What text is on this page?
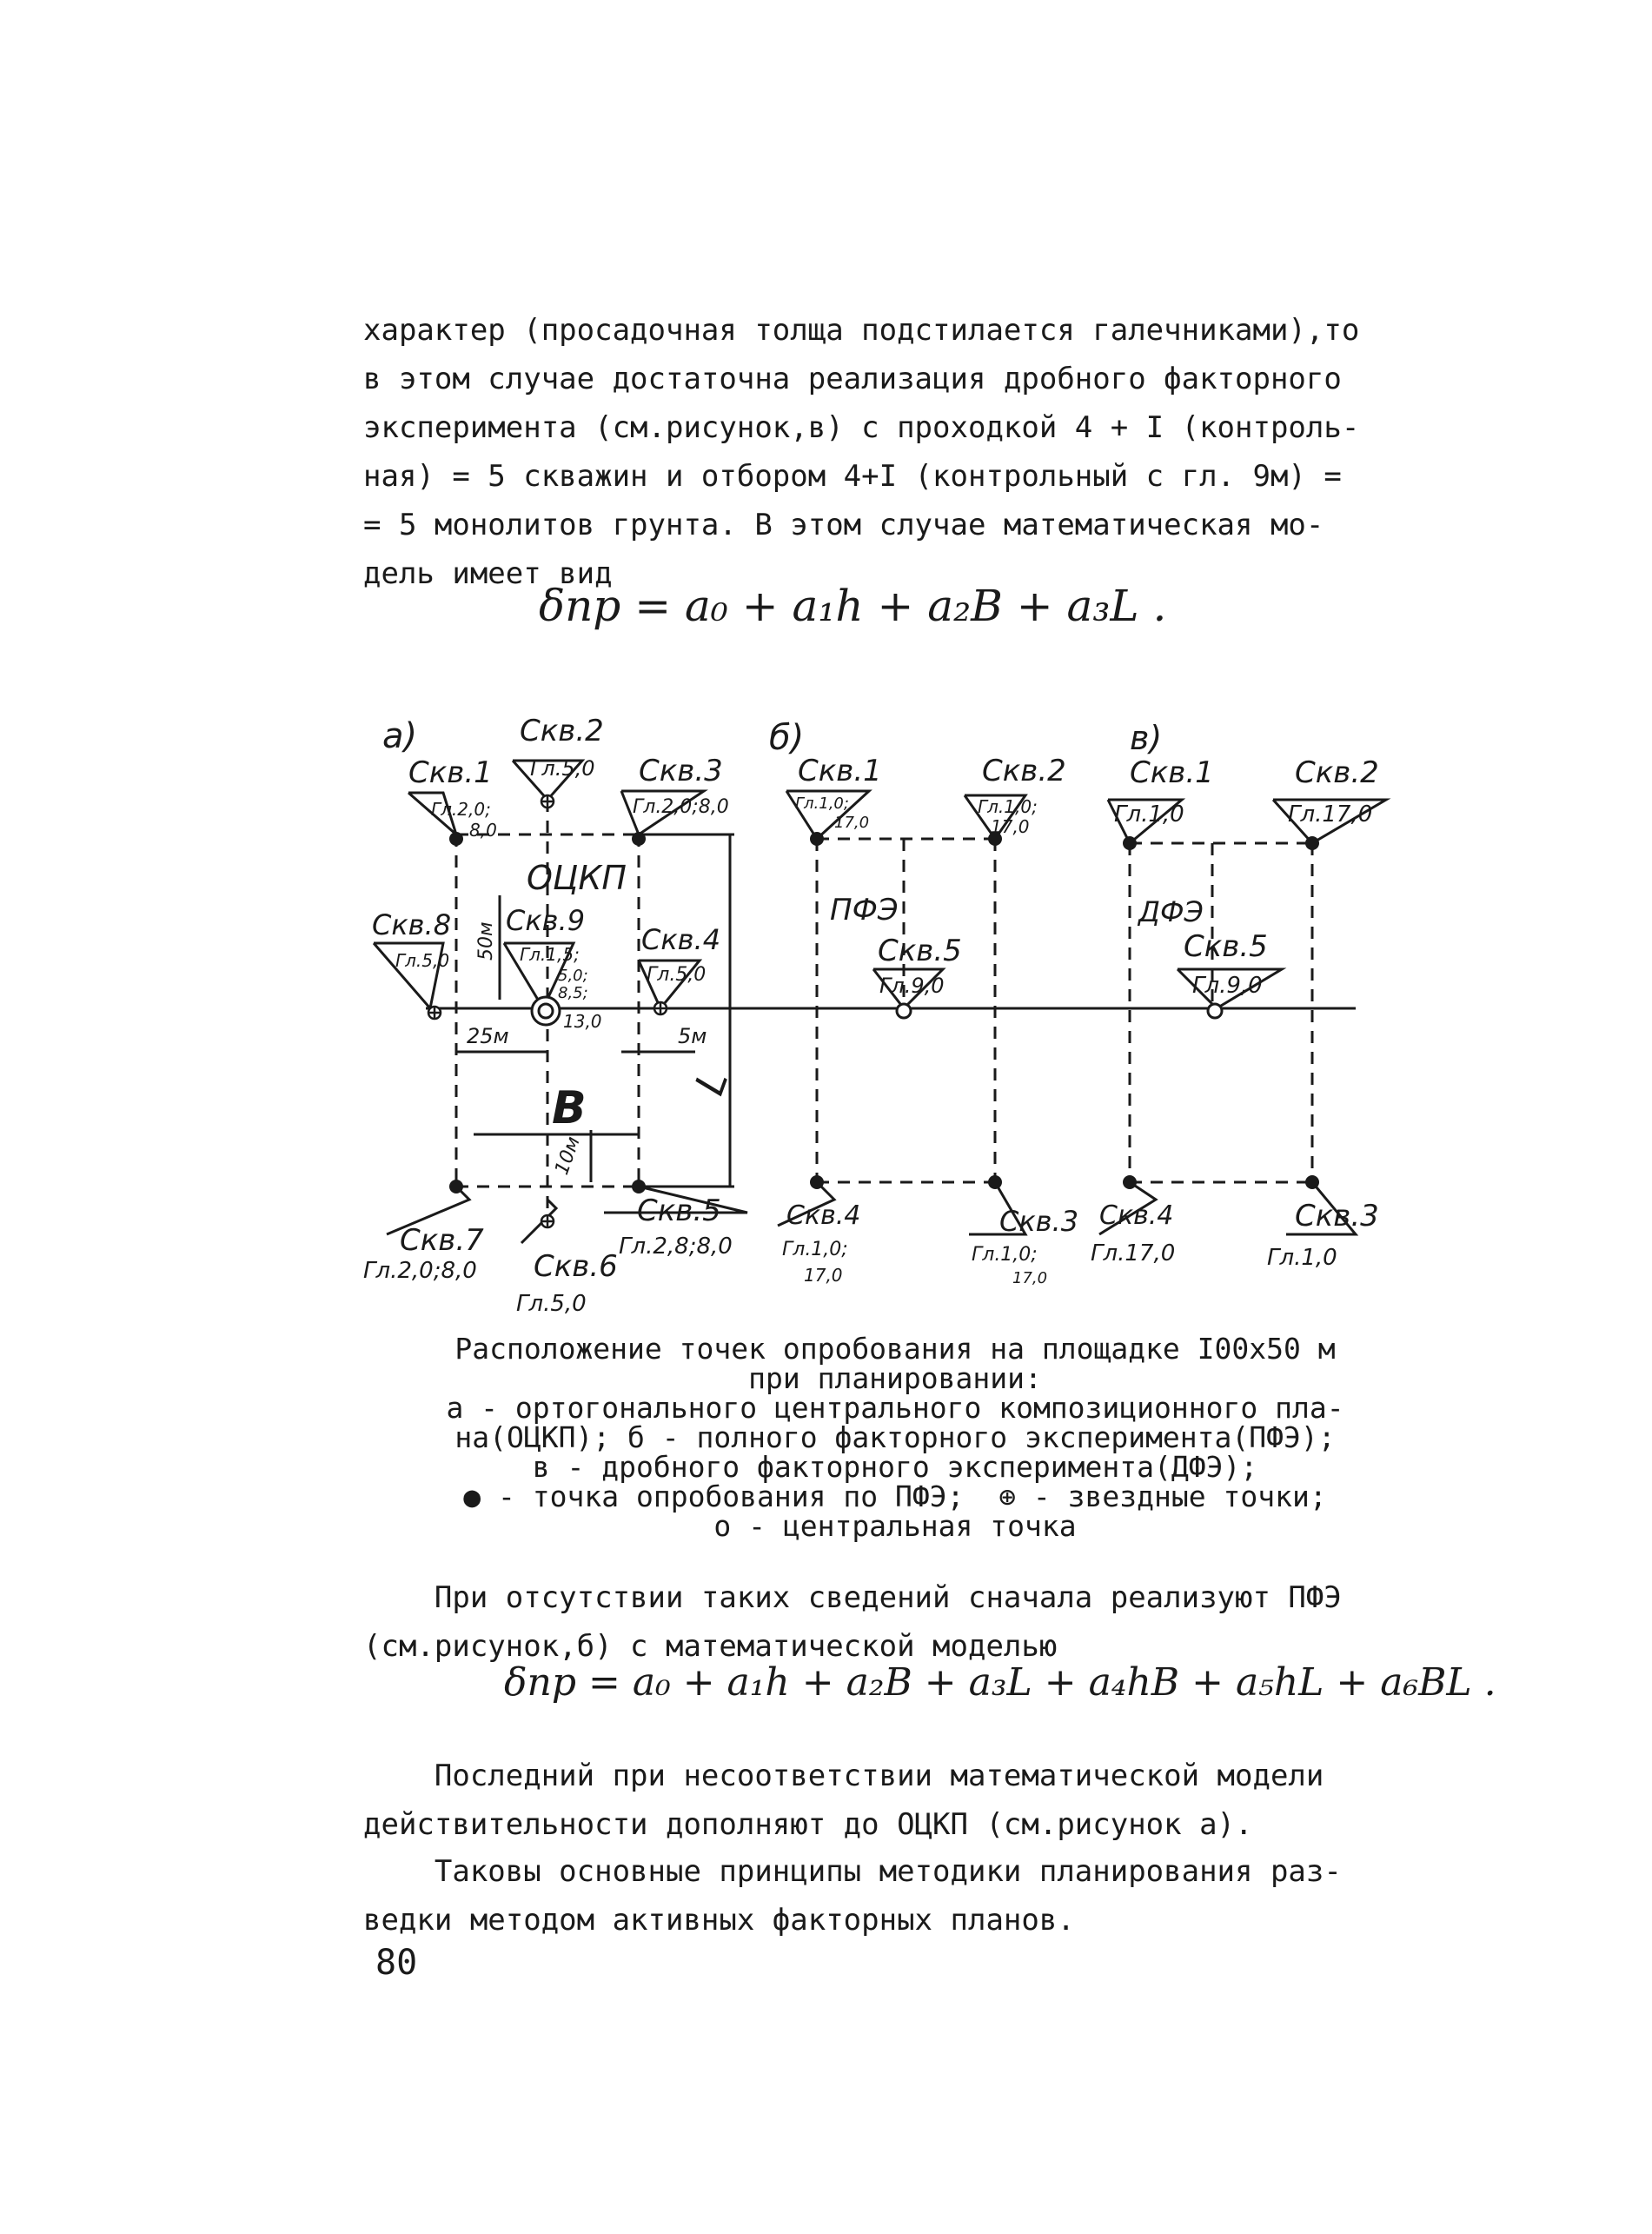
характер (просадочная толща подстилается галечниками),то

в этом случае достаточна реализация дробного факторного

эксперимента (см.рисунок,в) с проходкой 4 + I (контроль-

ная) = 5 скважин и отбором 4+I (контрольный с гл. 9м) =

= 5 монолитов грунта. В этом случае математическая мо-

дель имеет вид

δпр = a₀ + a₁h + a₂B + a₃L .
а)
Скв.1
Гл.2,0;
8,0
Скв.2
Гл.5,0 Скв.3
Гл.2,0;8,0
ОЦКП
Скв.8
Гл.5,0
Скв.9
Гл.1,5;
5,0;
8,5;
13,0
Скв.4
Гл.5,0
25м	5м
50м
10м
B
L
Скв.7
Гл.2,0;8,0 Скв.6
Гл.5,0
Скв.5
Гл.2,8;8,0
б)
Скв.1
Гл.1,0;
17,0
Скв.2
Гл.1,0;
17,0
ПФЭ
Скв.5
Гл.9,0
Скв.4
Гл.1,0;
17,0
Скв.3
Гл.1,0;
17,0
в)
Скв.1
Гл.1,0
Скв.2
Гл.17,0
ДФЭ
Скв.5
Гл.9,0
Скв.4
Гл.17,0
Скв.3
Гл.1,0
Расположение точек опробования на площадке I00x50 м
при планировании:
а - ортогонального центрального композиционного пла-
на(ОЦКП); б - полного факторного эксперимента(ПФЭ);
в - дробного факторного эксперимента(ДФЭ);
● - точка опробования по ПФЭ;  ⊕ - звездные точки;
о - центральная точка

При отсутствии таких сведений сначала реализуют ПФЭ

(см.рисунок,б) с математической моделью

δпр = a₀ + a₁h + a₂B + a₃L + a₄hB + a₅hL + a₆BL .

Последний при несоответствии математической модели

действительности дополняют до ОЦКП (см.рисунок а).

Таковы основные принципы методики планирования раз-

ведки методом активных факторных планов.

80
